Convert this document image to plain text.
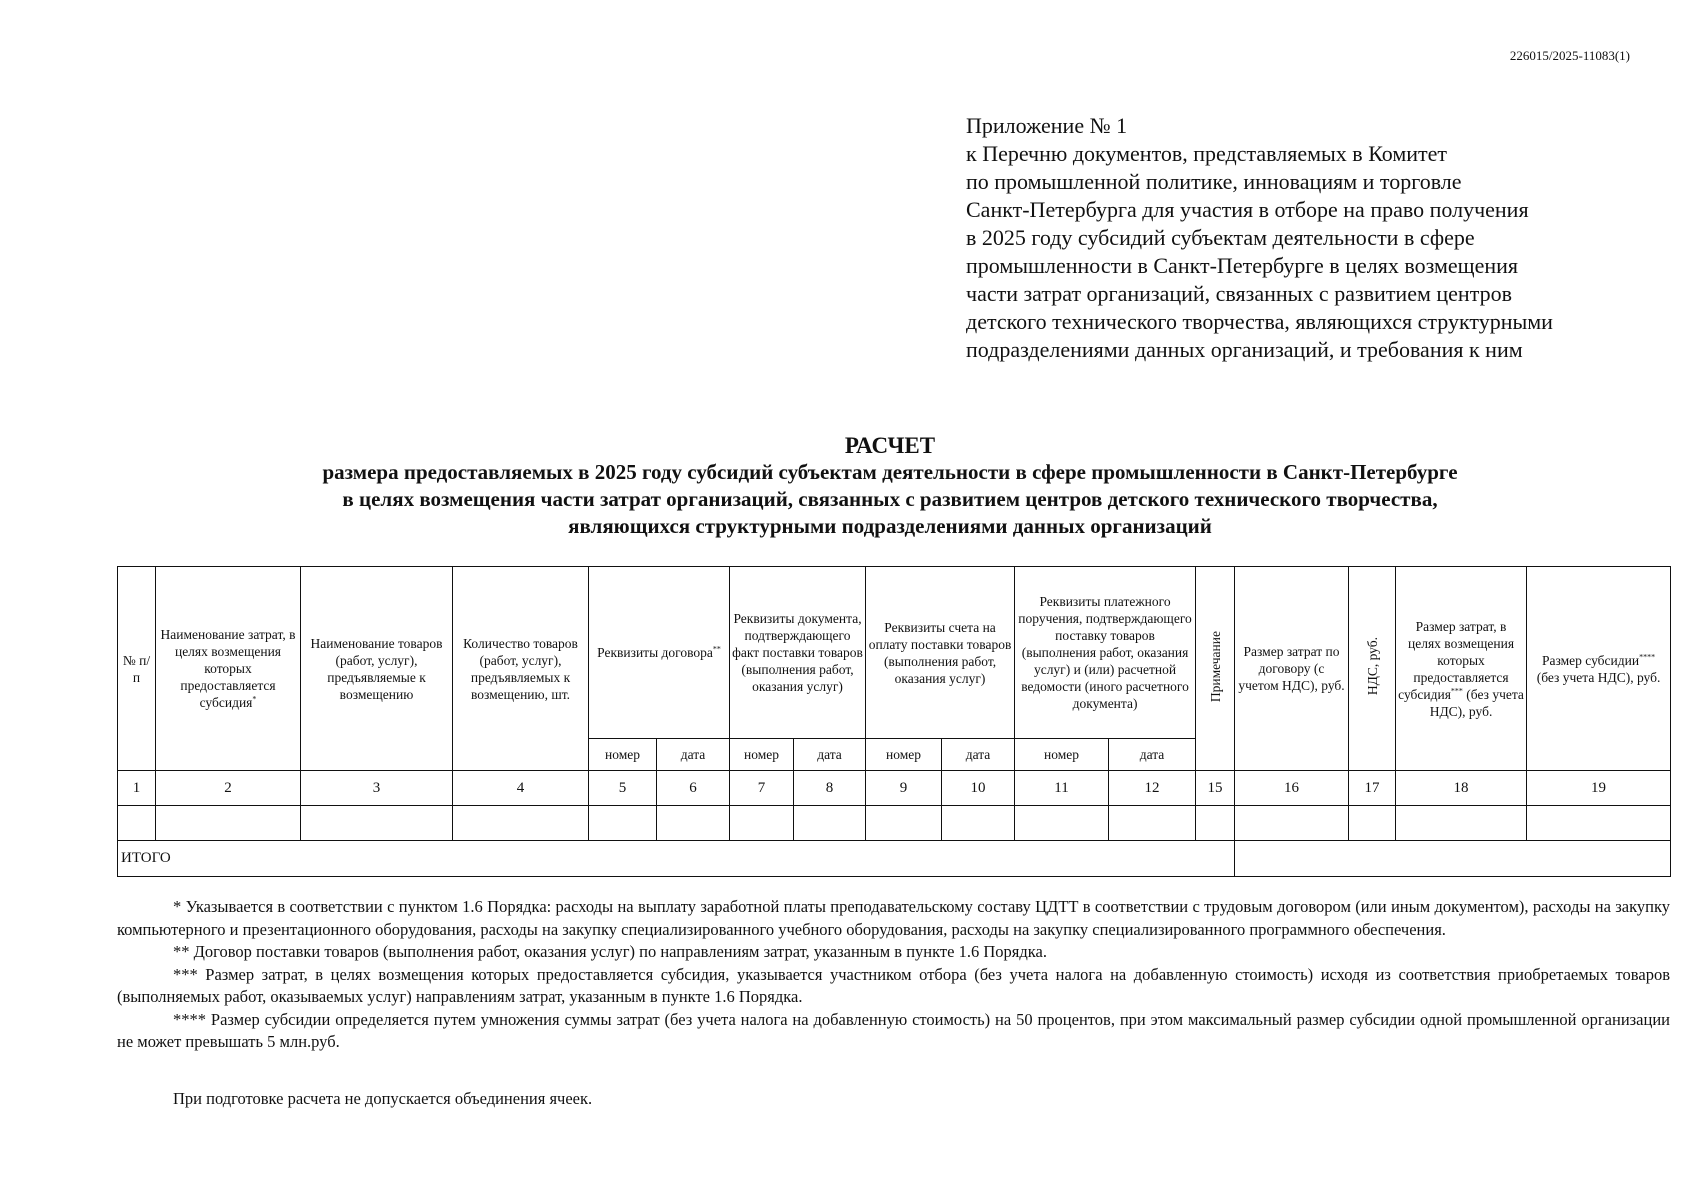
226015/2025-11083(1)
Приложение № 1
к Перечню документов, представляемых в Комитет
по промышленной политике, инновациям и торговле
Санкт-Петербурга для участия в отборе на право получения
в 2025 году субсидий субъектам деятельности в сфере
промышленности в Санкт-Петербурге в целях возмещения
части затрат организаций, связанных с развитием центров
детского технического творчества, являющихся структурными
подразделениями данных организаций, и требования к ним
РАСЧЕТ
размера предоставляемых в 2025 году субсидий субъектам деятельности в сфере промышленности в Санкт-Петербурге
в целях возмещения части затрат организаций, связанных с развитием центров детского технического творчества,
являющихся структурными подразделениями данных организаций
№ п/п	Наименование затрат, в целях возмещения которых предоставляется субсидия*	Наименование товаров (работ, услуг), предъявляемые к возмещению	Количество товаров (работ, услуг), предъявляемых к возмещению, шт.	Реквизиты договора**		Реквизиты документа, подтверждающего факт поставки товаров (выполнения работ, оказания услуг)		Реквизиты счета на оплату поставки товаров (выполнения работ, оказания услуг)		Реквизиты платежного поручения, подтверждающего поставку товаров (выполнения работ, оказания услуг) и (или) расчетной ведомости (иного расчетного документа)		Примечание	Размер затрат по договору (с учетом НДС), руб.	НДС, руб.	Размер затрат, в целях возмещения которых предоставляется субсидия*** (без учета НДС), руб.	Размер субсидии**** (без учета НДС), руб.
				номер	дата	номер	дата	номер	дата	номер	дата					
1	2	3	4	5	6	7	8	9	10	11	12	15	16	17	18	19

ИТОГО																

* Указывается в соответствии с пунктом 1.6 Порядка: расходы на выплату заработной платы преподавательскому составу ЦДТТ в соответствии с трудовым договором (или иным документом), расходы на закупку компьютерного и презентационного оборудования, расходы на закупку специализированного учебного оборудования, расходы на закупку специализированного программного обеспечения.

** Договор поставки товаров (выполнения работ, оказания услуг) по направлениям затрат, указанным в пункте 1.6 Порядка.

*** Размер затрат, в целях возмещения которых предоставляется субсидия, указывается участником отбора (без учета налога на добавленную стоимость) исходя из соответствия приобретаемых товаров (выполняемых работ, оказываемых услуг) направлениям затрат, указанным в пункте 1.6 Порядка.

**** Размер субсидии определяется путем умножения суммы затрат (без учета налога на добавленную стоимость) на 50 процентов, при этом максимальный размер субсидии одной промышленной организации не может превышать 5 млн.руб.

При подготовке расчета не допускается объединения ячеек.
